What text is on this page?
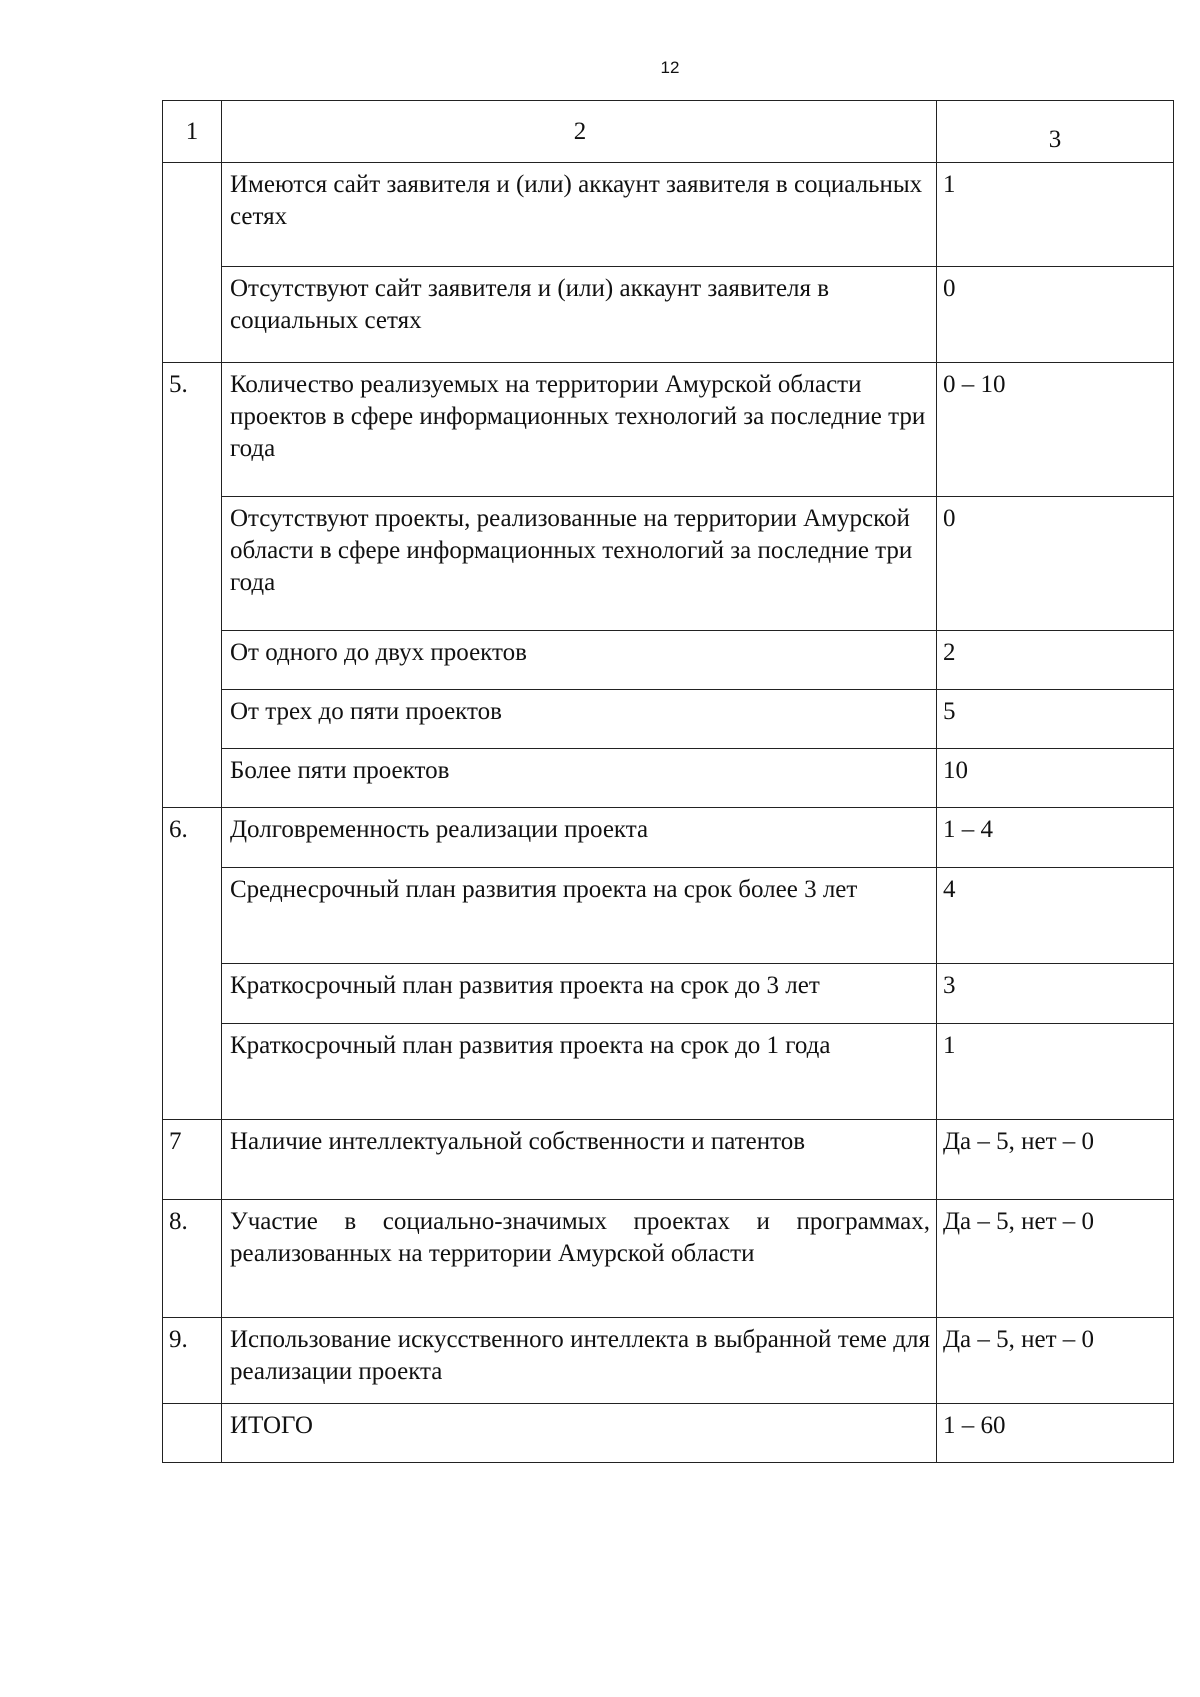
12
1	2	3
	Имеются сайт заявителя и (или) аккаунт заявителя в социальных сетях	1
	Отсутствуют сайт заявителя и (или) аккаунт заявителя в социальных сетях	0
5.	Количество реализуемых на территории Амурской области проектов в сфере информационных технологий за последние три года	0 – 10
	Отсутствуют проекты, реализованные на территории Амурской области в сфере информационных технологий за последние три года	0
	От одного до двух проектов	2
	От трех до пяти проектов	5
	Более пяти проектов	10
6.	Долговременность реализации проекта	1 – 4
	Среднесрочный план развития проекта на срок более 3 лет	4
	Краткосрочный план развития проекта на срок до 3 лет	3
	Краткосрочный план развития проекта на срок до 1 года	1
7	Наличие интеллектуальной собственности и патентов	Да – 5, нет – 0
8.	Участие в социально-значимых проектах и программах, реализованных на территории Амурской области	Да – 5, нет – 0
9.	Использование искусственного интеллекта в выбранной теме для реализации проекта	Да – 5, нет – 0
	ИТОГО	1 – 60
